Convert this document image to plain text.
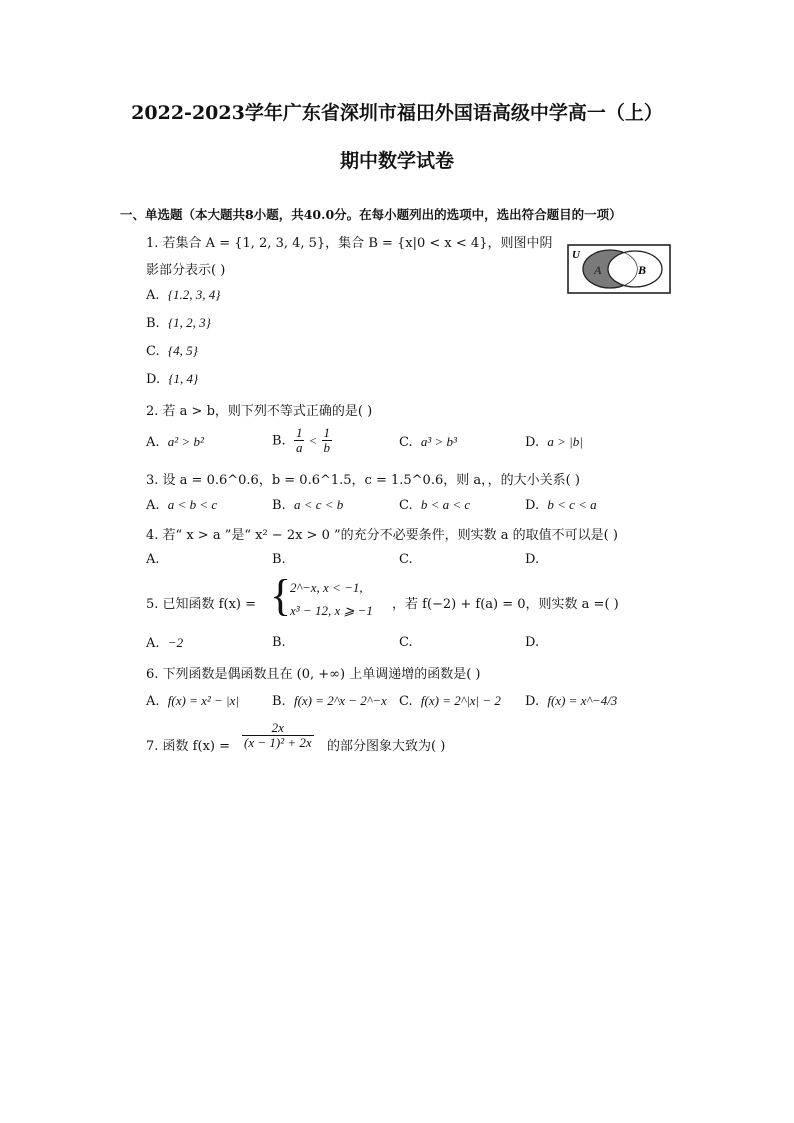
2022-2023学年广东省深圳市福田外国语高级中学高一（上）
期中数学试卷
一、单选题（本大题共8小题，共40.0分。在每小题列出的选项中，选出符合题目的一项）
1. 若集合 A = {1, 2, 3, 4, 5}，集合 B = {x|0 < x < 4}，则图中阴
影部分表示( )
U
A	B
A. {1.2, 3, 4}
B. {1, 2, 3}
C. {4, 5}
D. {1, 4}
2. 若 a > b，则下列不等式正确的是( )
A. a² > b²	B. $\frac{1}{a} < \frac{1}{b}$	C. a³ > b³	D. a > |b|
3. 设 a = 0.6^0.6，b = 0.6^1.5，c = 1.5^0.6，则 a，，的大小关系( )
A. a < b < c	B. a < c < b	C. b < a < c	D. b < c < a
4. 若“ x > a ”是“ x² − 2x > 0 ”的充分不必要条件，则实数 a 的取值不可以是( )
A.	B.	C.	D.
5. 已知函数 f(x) = {
2^−x, x < −1,
x³ − 12, x ⩾ −1 ，若 f(−2) + f(a) = 0，则实数 a =( )
A. −2	B.	C.	D.
6. 下列函数是偶函数且在 (0, +∞) 上单调递增的函数是( )
A. f(x) = x² − |x|	B. f(x) = 2^x − 2^−x C. f(x) = 2^|x| − 2 D. f(x) = x^−4/3
7. 函数 $f(x) = \frac{2x}{\text{(x − 1)² + 2x}}$ 的部分图象大致为( )
